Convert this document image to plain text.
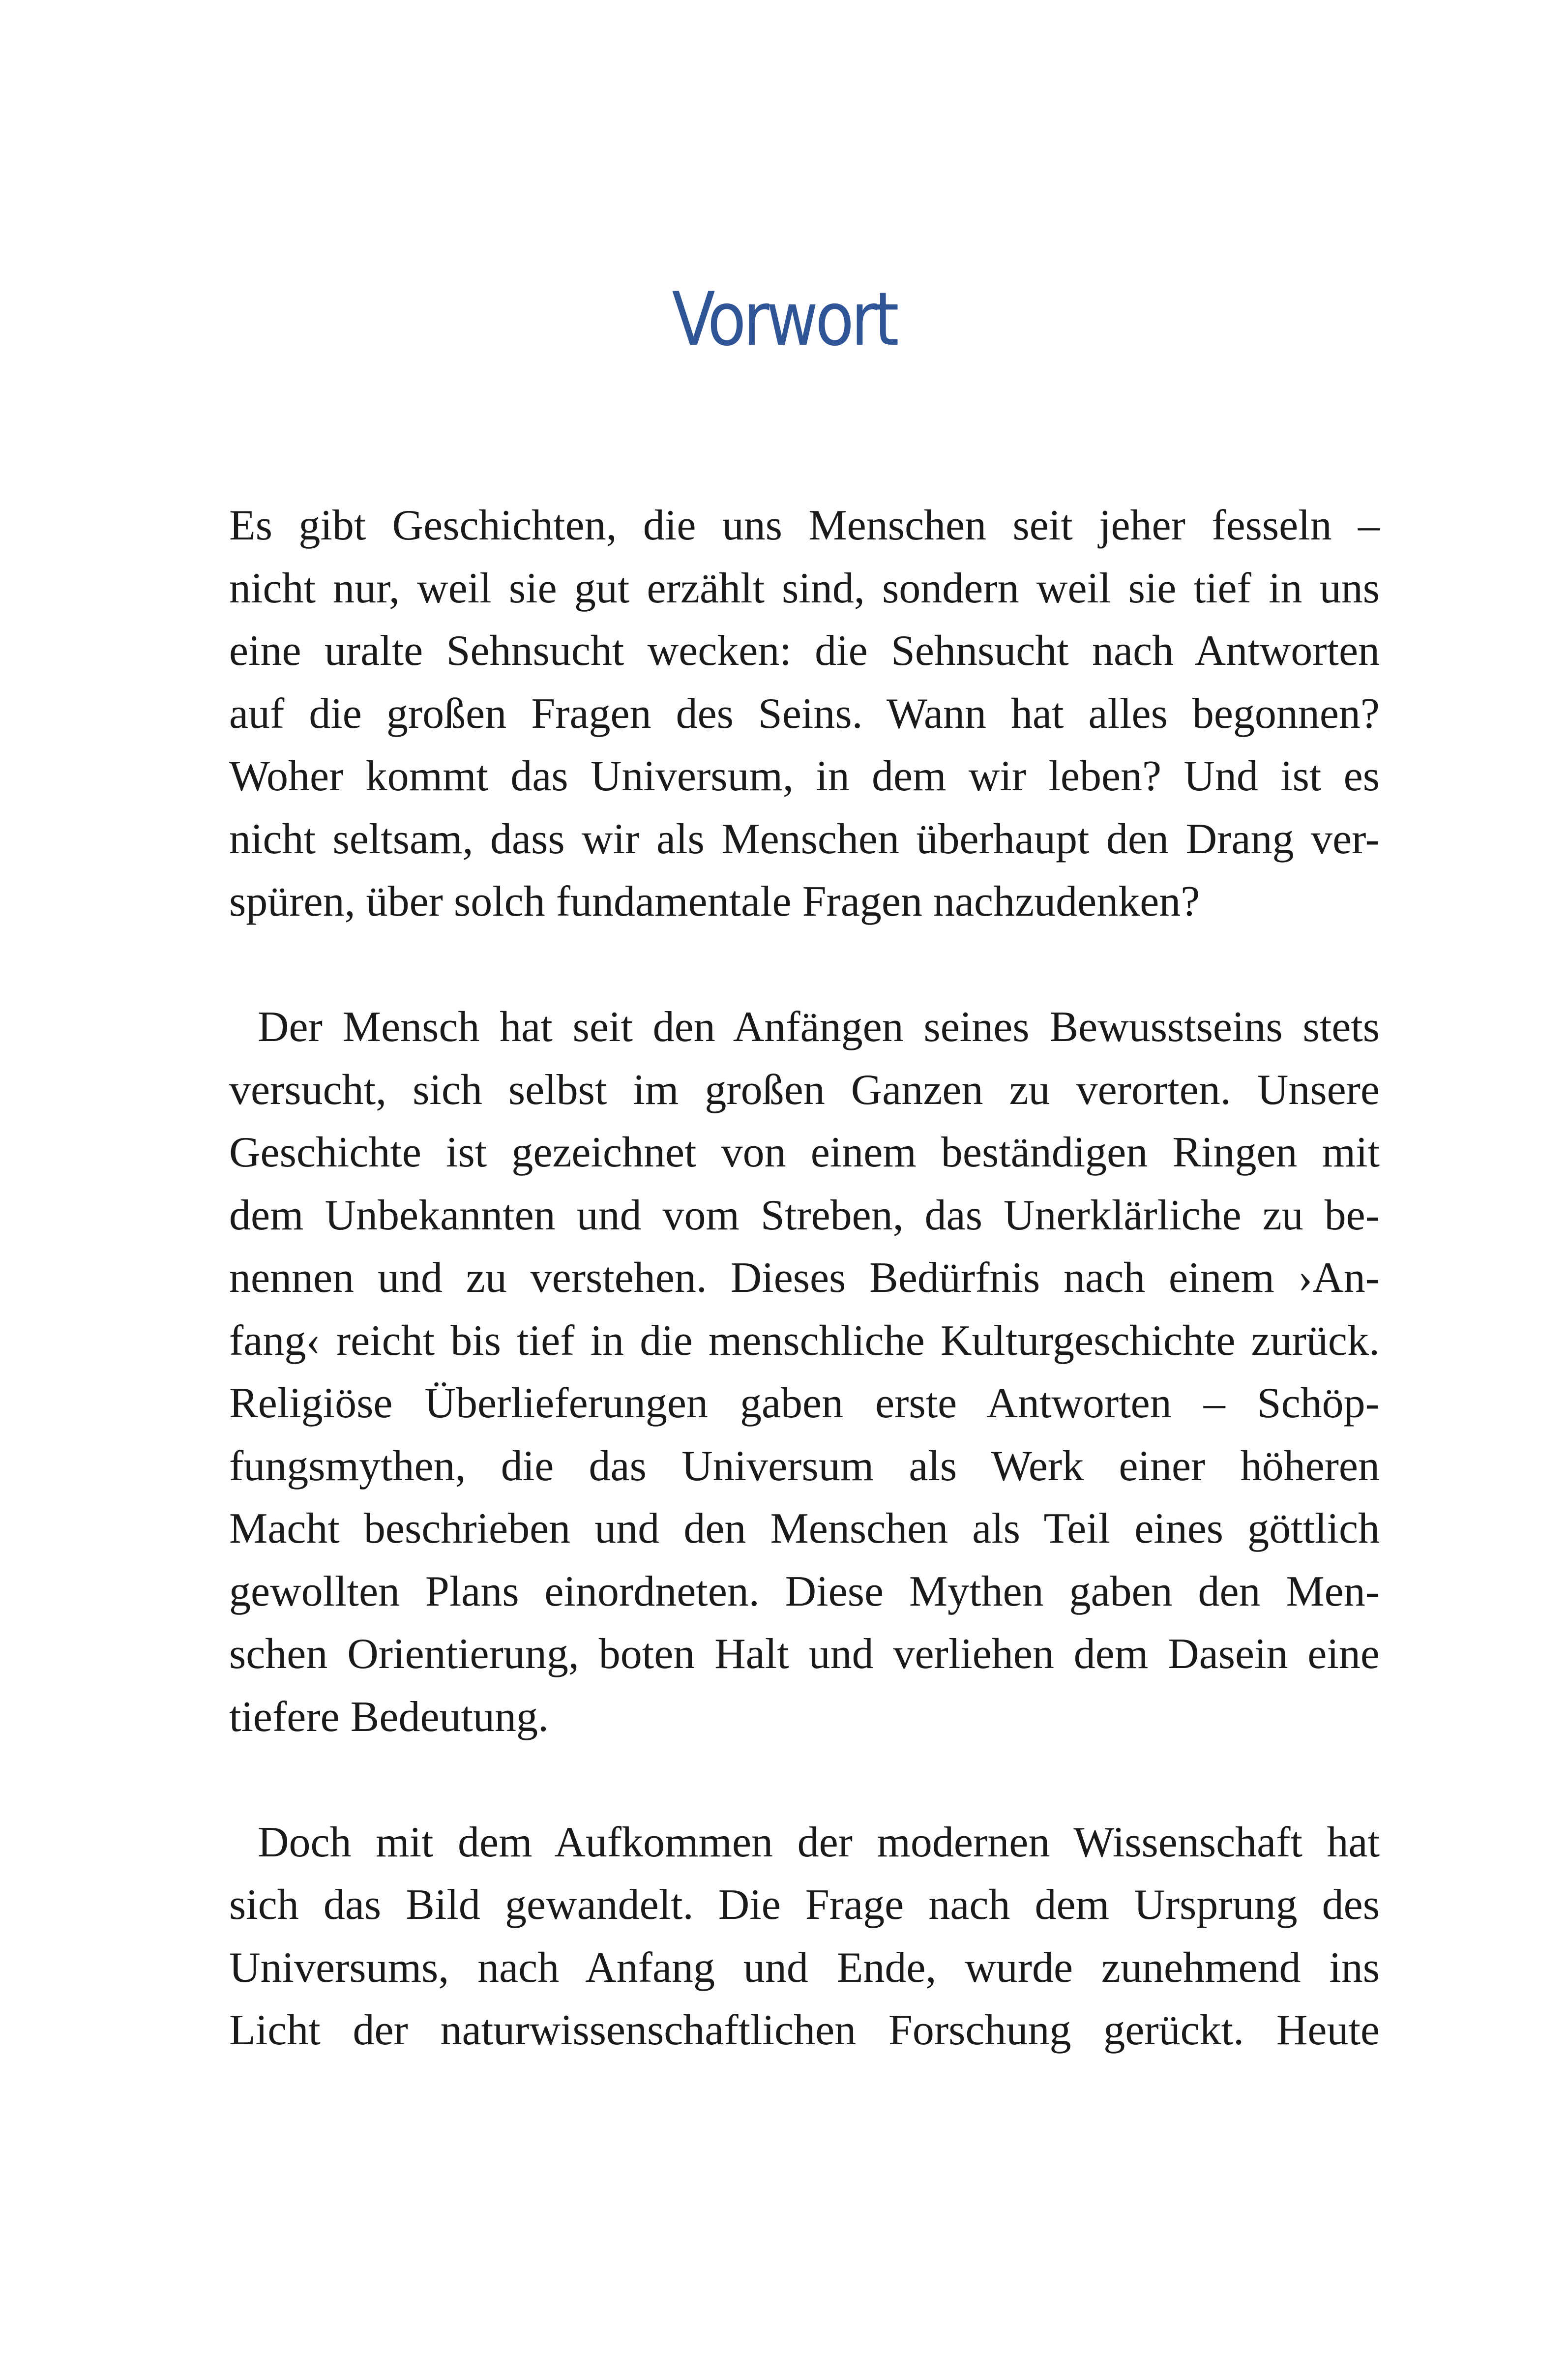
Vorwort
Es gibt Geschichten, die uns Menschen seit jeher fesseln –
nicht nur, weil sie gut erzählt sind, sondern weil sie tief in uns
eine uralte Sehnsucht wecken: die Sehnsucht nach Antworten
auf die großen Fragen des Seins. Wann hat alles begonnen?
Woher kommt das Universum, in dem wir leben? Und ist es
nicht seltsam, dass wir als Menschen überhaupt den Drang ver-
spüren, über solch fundamentale Fragen nachzudenken?
Der Mensch hat seit den Anfängen seines Bewusstseins stets
versucht, sich selbst im großen Ganzen zu verorten. Unsere
Geschichte ist gezeichnet von einem beständigen Ringen mit
dem Unbekannten und vom Streben, das Unerklärliche zu be-
nennen und zu verstehen. Dieses Bedürfnis nach einem ›An-
fang‹ reicht bis tief in die menschliche Kulturgeschichte zurück.
Religiöse Überlieferungen gaben erste Antworten – Schöp-
fungsmythen, die das Universum als Werk einer höheren
Macht beschrieben und den Menschen als Teil eines göttlich
gewollten Plans einordneten. Diese Mythen gaben den Men-
schen Orientierung, boten Halt und verliehen dem Dasein eine
tiefere Bedeutung.
Doch mit dem Aufkommen der modernen Wissenschaft hat
sich das Bild gewandelt. Die Frage nach dem Ursprung des
Universums, nach Anfang und Ende, wurde zunehmend ins
Licht der naturwissenschaftlichen Forschung gerückt. Heute
